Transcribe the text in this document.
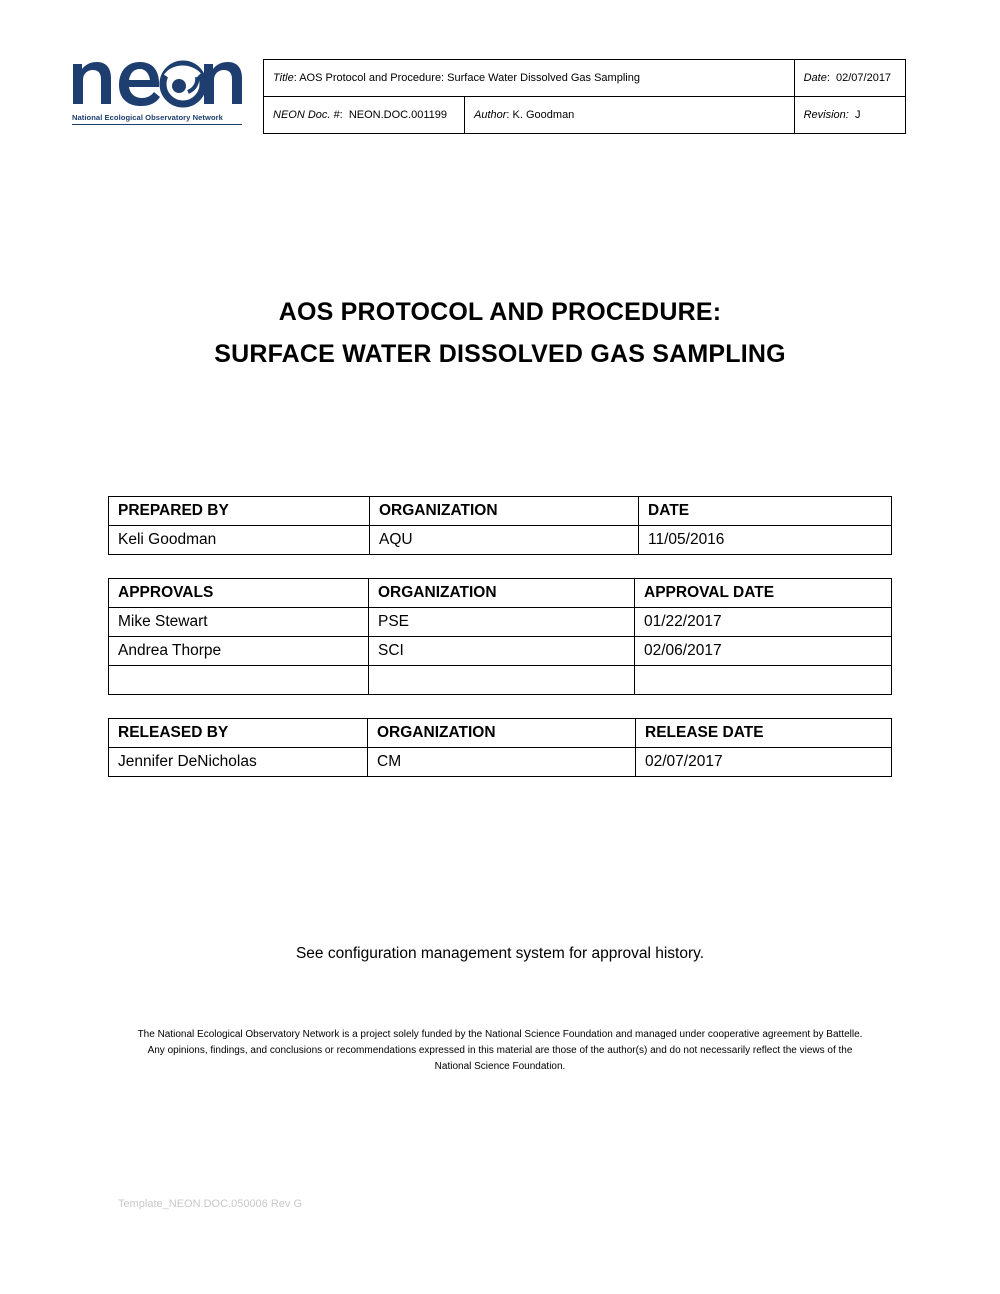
National Ecological Observatory Network
Title: AOS Protocol and Procedure: Surface Water Dissolved Gas Sampling		Date:  02/07/2017
NEON Doc. #:  NEON.DOC.001199	Author: K. Goodman	Revision: J
AOS PROTOCOL AND PROCEDURE:
SURFACE WATER DISSOLVED GAS SAMPLING
PREPARED BY	ORGANIZATION	DATE
Keli Goodman	AQU	11/05/2016
APPROVALS	ORGANIZATION	APPROVAL DATE
Mike Stewart	PSE	01/22/2017
Andrea Thorpe	SCI	02/06/2017

RELEASED BY	ORGANIZATION	RELEASE DATE
Jennifer DeNicholas	CM	02/07/2017
See configuration management system for approval history.
The National Ecological Observatory Network is a project solely funded by the National Science Foundation and managed under cooperative agreement by Battelle.
Any opinions, findings, and conclusions or recommendations expressed in this material are those of the author(s) and do not necessarily reflect the views of the
National Science Foundation.
Template_NEON.DOC.050006 Rev G
